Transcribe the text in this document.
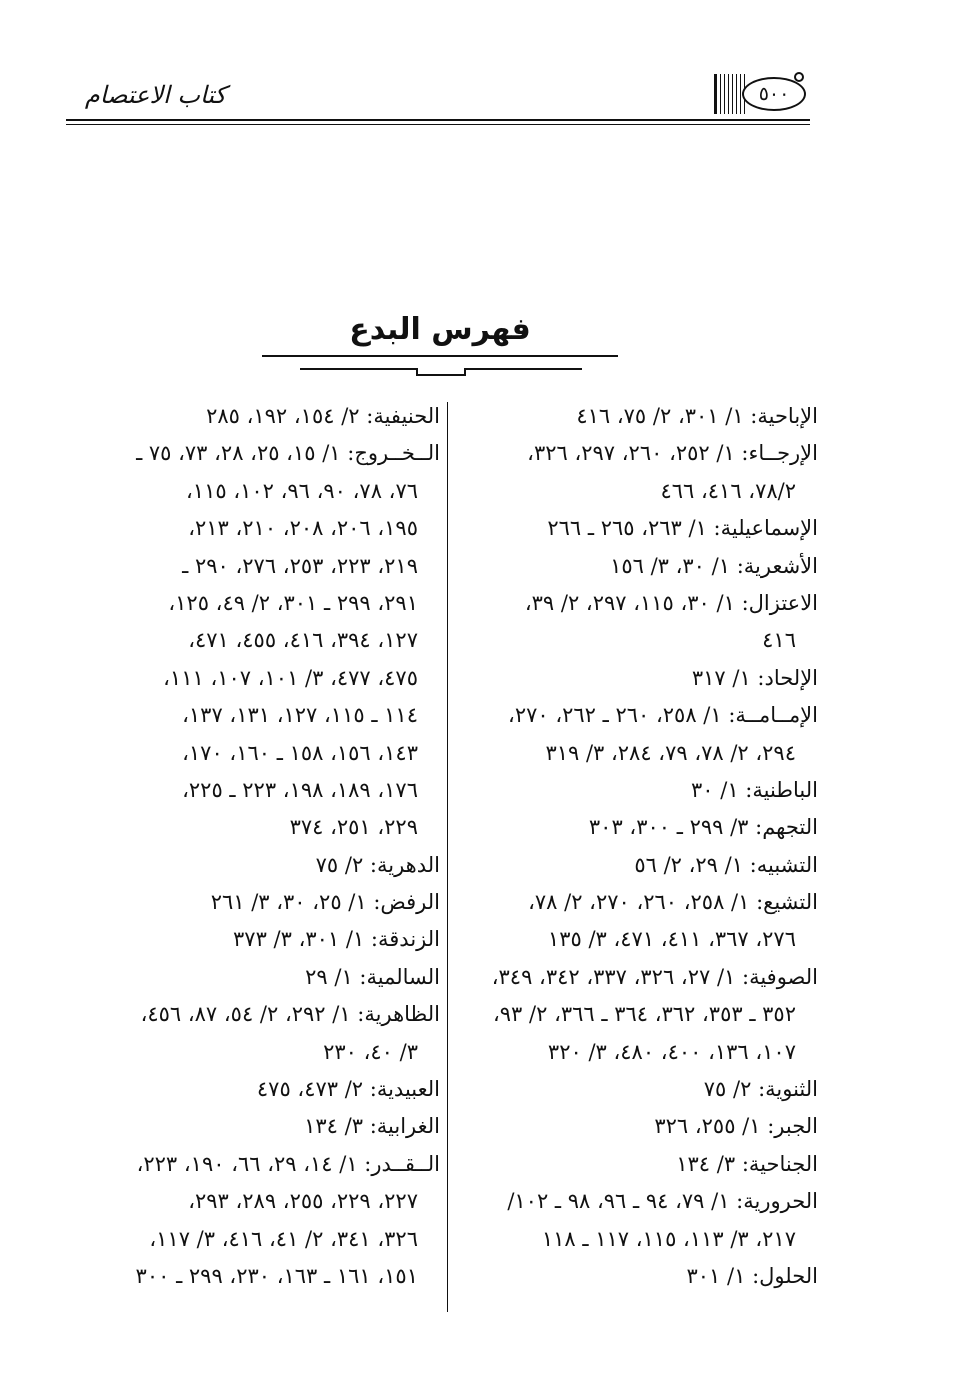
كتاب الاعتصام	٥٠٠
فهرس البدع
الإباحية: ١/ ٣٠١، ٢/ ٧٥، ٤١٦
الإرجــاء: ١/ ٢٥٢، ٢٦٠، ٢٩٧، ٣٢٦،
٧٨/٢، ٤١٦، ٤٦٦
الإسماعيلية: ١/ ٢٦٣، ٢٦٥ ـ ٢٦٦
الأشعرية: ١/ ٣٠، ٣/ ١٥٦
الاعتزال: ١/ ٣٠، ١١٥، ٢٩٧، ٢/ ٣٩،
٤١٦
الإلحاد: ١/ ٣١٧
الإمــامــة: ١/ ٢٥٨، ٢٦٠ ـ ٢٦٢، ٢٧٠،
٢٩٤، ٢/ ٧٨، ٧٩، ٢٨٤، ٣/ ٣١٩
الباطنية: ١/ ٣٠
التجهم: ٣/ ٢٩٩ ـ ٣٠٠، ٣٠٣
التشبيه: ١/ ٢٩، ٢/ ٥٦
التشيع: ١/ ٢٥٨، ٢٦٠، ٢٧٠، ٢/ ٧٨،
٢٧٦، ٣٦٧، ٤١١، ٤٧١، ٣/ ١٣٥
الصوفية: ١/ ٢٧، ٣٢٦، ٣٣٧، ٣٤٢، ٣٤٩،
٣٥٢ ـ ٣٥٣، ٣٦٢، ٣٦٤ ـ ٣٦٦، ٢/ ٩٣،
١٠٧، ١٣٦، ٤٠٠، ٤٨٠، ٣/ ٣٢٠
الثنوية: ٢/ ٧٥
الجبر: ١/ ٢٥٥، ٣٢٦
الجناحية: ٣/ ١٣٤
الحرورية: ١/ ٧٩، ٩٤ ـ ٩٦، ٩٨ ـ ١٠٢/
٢١٧، ٣/ ١١٣، ١١٥، ١١٧ ـ ١١٨
الحلول: ١/ ٣٠١
الحنيفية: ٢/ ١٥٤، ١٩٢، ٢٨٥
الــخــروج: ١/ ١٥، ٢٥، ٢٨، ٧٣، ٧٥ ـ
٧٦، ٧٨، ٩٠، ٩٦، ١٠٢، ١١٥،
١٩٥، ٢٠٦، ٢٠٨، ٢١٠، ٢١٣،
٢١٩، ٢٢٣، ٢٥٣، ٢٧٦، ٢٩٠ ـ
٢٩١، ٢٩٩ ـ ٣٠١، ٢/ ٤٩، ١٢٥،
١٢٧، ٣٩٤، ٤١٦، ٤٥٥، ٤٧١،
٤٧٥، ٤٧٧، ٣/ ١٠١، ١٠٧، ١١١،
١١٤ ـ ١١٥، ١٢٧، ١٣١، ١٣٧،
١٤٣، ١٥٦، ١٥٨ ـ ١٦٠، ١٧٠،
١٧٦، ١٨٩، ١٩٨، ٢٢٣ ـ ٢٢٥،
٢٢٩، ٢٥١، ٣٧٤
الدهرية: ٢/ ٧٥
الرفض: ١/ ٢٥، ٣٠، ٣/ ٢٦١
الزندقة: ١/ ٣٠١، ٣/ ٣٧٣
السالمية: ١/ ٢٩
الظاهرية: ١/ ٢٩٢، ٢/ ٥٤، ٨٧، ٤٥٦،
٣/ ٤٠، ٢٣٠
العبيدية: ٢/ ٤٧٣، ٤٧٥
الغرابية: ٣/ ١٣٤
الــقــدر: ١/ ١٤، ٢٩، ٦٦، ١٩٠، ٢٢٣،
٢٢٧، ٢٢٩، ٢٥٥، ٢٨٩، ٢٩٣،
٣٢٦، ٣٤١، ٢/ ٤١، ٤١٦، ٣/ ١١٧،
١٥١، ١٦١ ـ ١٦٣، ٢٣٠، ٢٩٩ ـ ٣٠٠
